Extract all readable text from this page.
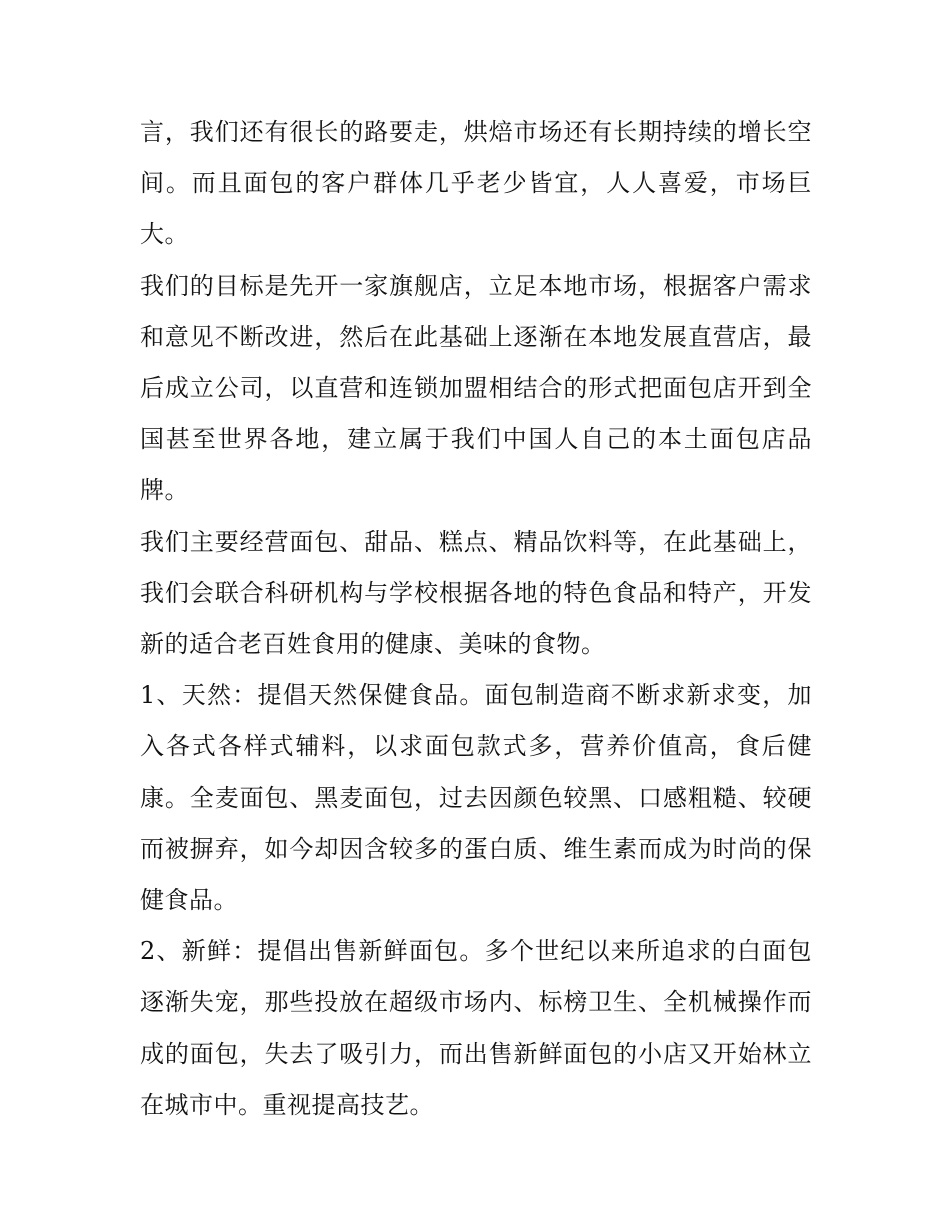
言，我们还有很长的路要走，烘焙市场还有长期持续的增长空间。而且面包的客户群体几乎老少皆宜，人人喜爱，市场巨大。

我们的目标是先开一家旗舰店，立足本地市场，根据客户需求和意见不断改进，然后在此基础上逐渐在本地发展直营店，最后成立公司，以直营和连锁加盟相结合的形式把面包店开到全国甚至世界各地，建立属于我们中国人自己的本土面包店品牌。

我们主要经营面包、甜品、糕点、精品饮料等，在此基础上，我们会联合科研机构与学校根据各地的特色食品和特产，开发新的适合老百姓食用的健康、美味的食物。

1、天然：提倡天然保健食品。面包制造商不断求新求变，加入各式各样式辅料，以求面包款式多，营养价值高，食后健康。全麦面包、黑麦面包，过去因颜色较黑、口感粗糙、较硬而被摒弃，如今却因含较多的蛋白质、维生素而成为时尚的保健食品。

2、新鲜：提倡出售新鲜面包。多个世纪以来所追求的白面包逐渐失宠，那些投放在超级市场内、标榜卫生、全机械操作而成的面包，失去了吸引力，而出售新鲜面包的小店又开始林立在城市中。重视提高技艺。
